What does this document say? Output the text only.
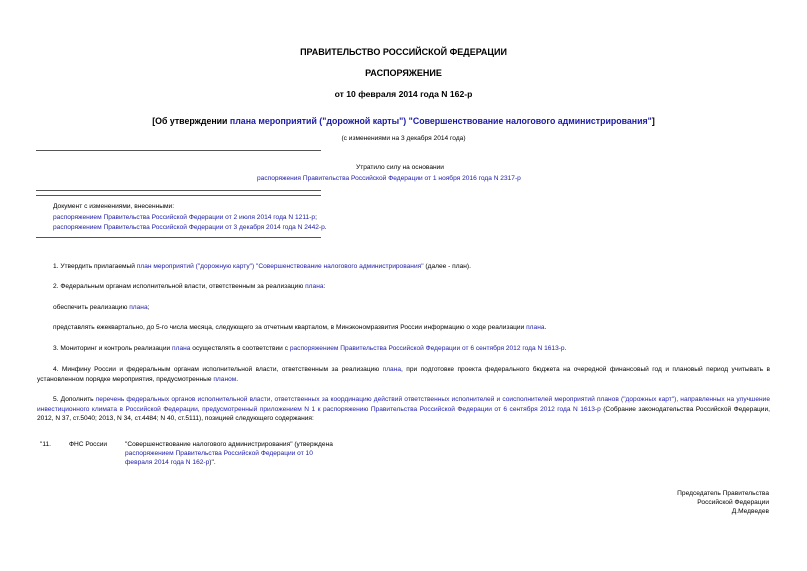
ПРАВИТЕЛЬСТВО РОССИЙСКОЙ ФЕДЕРАЦИИ
РАСПОРЯЖЕНИЕ
от 10 февраля 2014 года N 162-р
[Об утверждении плана мероприятий ("дорожной карты") "Совершенствование налогового администрирования"]
(с изменениями на 3 декабря 2014 года)
Утратило силу на основании
распоряжения Правительства Российской Федерации от 1 ноября 2016 года N 2317-р
Документ с изменениями, внесенными:
распоряжением Правительства Российской Федерации от 2 июля 2014 года N 1211-р;
распоряжением Правительства Российской Федерации от 3 декабря 2014 года N 2442-р.
1. Утвердить прилагаемый план мероприятий ("дорожную карту") "Совершенствование налогового администрирования" (далее - план).
2. Федеральным органам исполнительной власти, ответственным за реализацию плана:
обеспечить реализацию плана;
представлять ежеквартально, до 5-го числа месяца, следующего за отчетным кварталом, в Минэкономразвития России информацию о ходе реализации плана.
3. Мониторинг и контроль реализации плана осуществлять в соответствии с распоряжением Правительства Российской Федерации от 6 сентября 2012 года N 1613-р.
4. Минфину России и федеральным органам исполнительной власти, ответственным за реализацию плана, при подготовке проекта федерального бюджета на очередной финансовый год и плановый период учитывать в установленном порядке мероприятия, предусмотренные планом.
5. Дополнить перечень федеральных органов исполнительной власти, ответственных за координацию действий ответственных исполнителей и соисполнителей мероприятий планов ("дорожных карт"), направленных на улучшение инвестиционного климата в Российской Федерации, предусмотренный приложением N 1 к распоряжению Правительства Российской Федерации от 6 сентября 2012 года N 1613-р (Собрание законодательства Российской Федерации, 2012, N 37, ст.5040; 2013, N 34, ст.4484; N 40, ст.5111), позицией следующего содержания:
"11.	ФНС России	"Совершенствование налогового администрирования" (утверждена
распоряжением Правительства Российской Федерации от 10
февраля 2014 года N 162-р)".
Председатель Правительства
Российской Федерации
Д.Медведев
